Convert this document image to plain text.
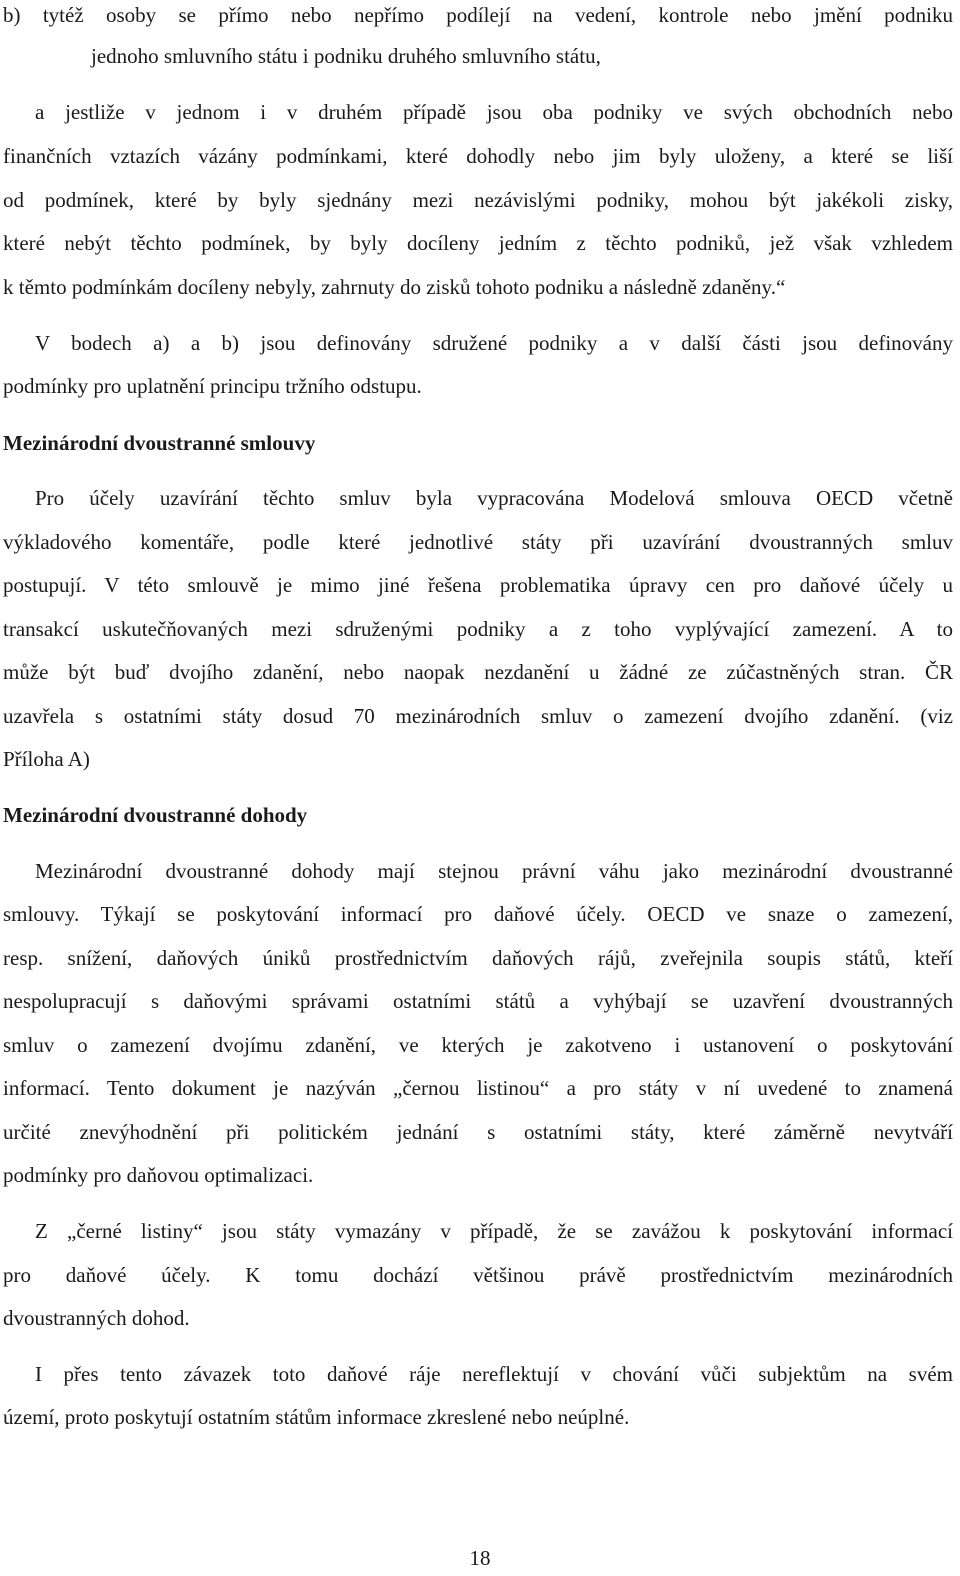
b) tytéž osoby se přímo nebo nepřímo podílejí na vedení, kontrole nebo jmění podniku
jednoho smluvního státu i podniku druhého smluvního státu,
a jestliže v jednom i v druhém případě jsou oba podniky ve svých obchodních nebo
finančních vztazích vázány podmínkami, které dohodly nebo jim byly uloženy, a které se liší
od podmínek, které by byly sjednány mezi nezávislými podniky, mohou být jakékoli zisky,
které nebýt těchto podmínek, by byly docíleny jedním z těchto podniků, jež však vzhledem
k těmto podmínkám docíleny nebyly, zahrnuty do zisků tohoto podniku a následně zdaněny.“
V bodech a) a b) jsou definovány sdružené podniky a v další části jsou definovány
podmínky pro uplatnění principu tržního odstupu.
Mezinárodní dvoustranné smlouvy
Pro účely uzavírání těchto smluv byla vypracována Modelová smlouva OECD včetně
výkladového komentáře, podle které jednotlivé státy při uzavírání dvoustranných smluv
postupují. V této smlouvě je mimo jiné řešena problematika úpravy cen pro daňové účely u
transakcí uskutečňovaných mezi sdruženými podniky a z toho vyplývající zamezení. A to
může být buď dvojího zdanění, nebo naopak nezdanění u žádné ze zúčastněných stran. ČR
uzavřela s ostatními státy dosud 70 mezinárodních smluv o zamezení dvojího zdanění. (viz
Příloha A)
Mezinárodní dvoustranné dohody
Mezinárodní dvoustranné dohody mají stejnou právní váhu jako mezinárodní dvoustranné
smlouvy. Týkají se poskytování informací pro daňové účely. OECD ve snaze o zamezení,
resp. snížení, daňových úniků prostřednictvím daňových rájů, zveřejnila soupis států, kteří
nespolupracují s daňovými správami ostatními států a vyhýbají se uzavření dvoustranných
smluv o zamezení dvojímu zdanění, ve kterých je zakotveno i ustanovení o poskytování
informací. Tento dokument je nazýván „černou listinou“ a pro státy v ní uvedené to znamená
určité znevýhodnění při politickém jednání s ostatními státy, které záměrně nevytváří
podmínky pro daňovou optimalizaci.
Z „černé listiny“ jsou státy vymazány v případě, že se zavážou k poskytování informací
pro daňové účely. K tomu dochází většinou právě prostřednictvím mezinárodních
dvoustranných dohod.
I přes tento závazek toto daňové ráje nereflektují v chování vůči subjektům na svém
území, proto poskytují ostatním státům informace zkreslené nebo neúplné.
18
